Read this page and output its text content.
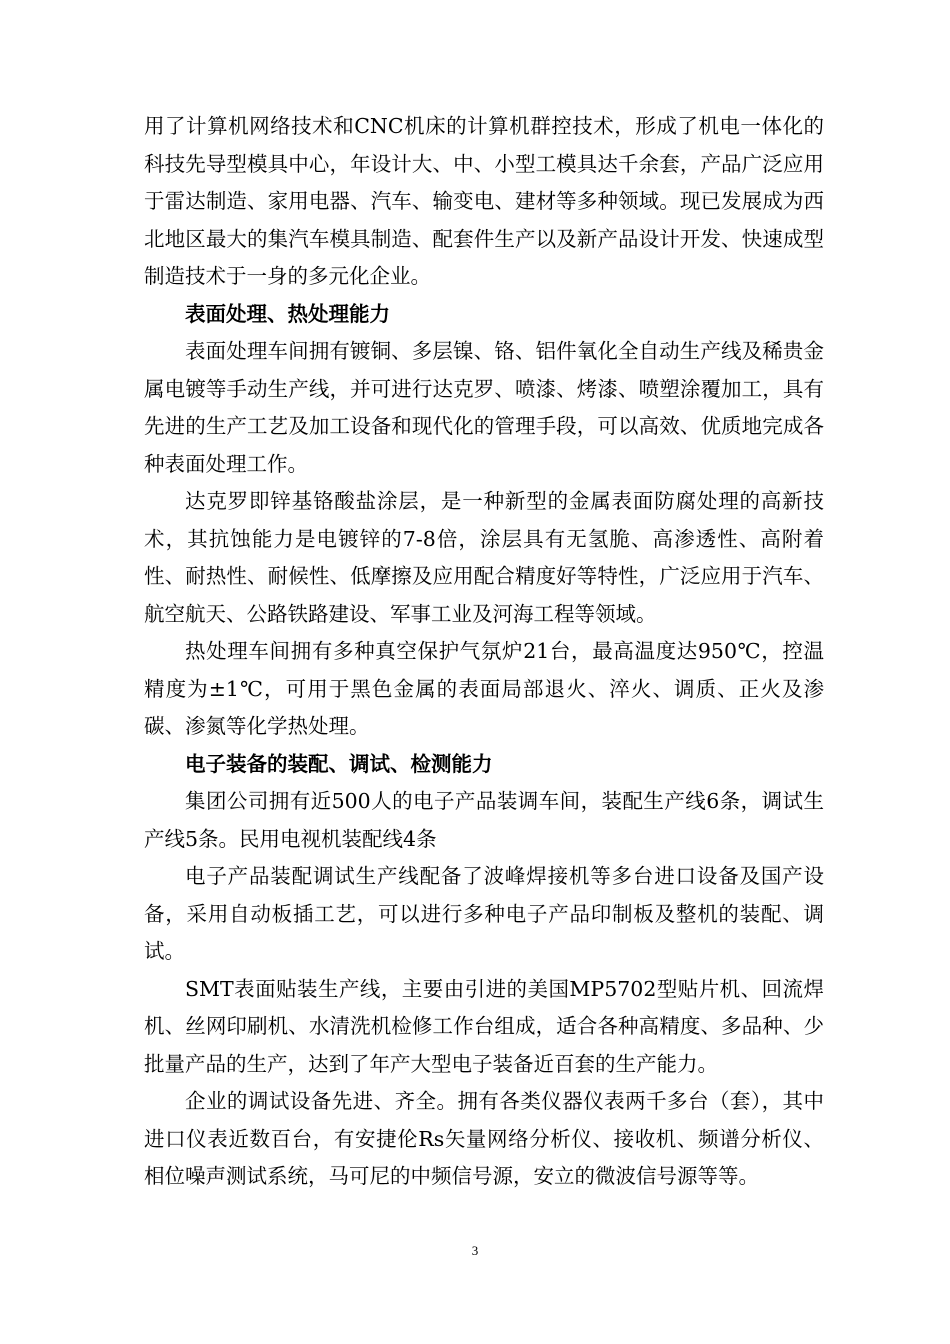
用了计算机网络技术和CNC机床的计算机群控技术，形成了机电一体化的科技先导型模具中心，年设计大、中、小型工模具达千余套，产品广泛应用于雷达制造、家用电器、汽车、输变电、建材等多种领域。现已发展成为西北地区最大的集汽车模具制造、配套件生产以及新产品设计开发、快速成型制造技术于一身的多元化企业。

表面处理、热处理能力

表面处理车间拥有镀铜、多层镍、铬、铝件氧化全自动生产线及稀贵金属电镀等手动生产线，并可进行达克罗、喷漆、烤漆、喷塑涂覆加工，具有先进的生产工艺及加工设备和现代化的管理手段，可以高效、优质地完成各种表面处理工作。

达克罗即锌基铬酸盐涂层，是一种新型的金属表面防腐处理的高新技术，其抗蚀能力是电镀锌的7-8倍，涂层具有无氢脆、高渗透性、高附着性、耐热性、耐候性、低摩擦及应用配合精度好等特性，广泛应用于汽车、航空航天、公路铁路建设、军事工业及河海工程等领域。

热处理车间拥有多种真空保护气氛炉21台，最高温度达950℃，控温精度为±1℃，可用于黑色金属的表面局部退火、淬火、调质、正火及渗碳、渗氮等化学热处理。

电子装备的装配、调试、检测能力

集团公司拥有近500人的电子产品装调车间，装配生产线6条，调试生产线5条。民用电视机装配线4条

电子产品装配调试生产线配备了波峰焊接机等多台进口设备及国产设备，采用自动板插工艺，可以进行多种电子产品印制板及整机的装配、调试。

SMT表面贴装生产线，主要由引进的美国MP5702型贴片机、回流焊机、丝网印刷机、水清洗机检修工作台组成，适合各种高精度、多品种、少批量产品的生产，达到了年产大型电子装备近百套的生产能力。

企业的调试设备先进、齐全。拥有各类仪器仪表两千多台（套），其中进口仪表近数百台，有安捷伦Rs矢量网络分析仪、接收机、频谱分析仪、相位噪声测试系统，马可尼的中频信号源，安立的微波信号源等等。

3
